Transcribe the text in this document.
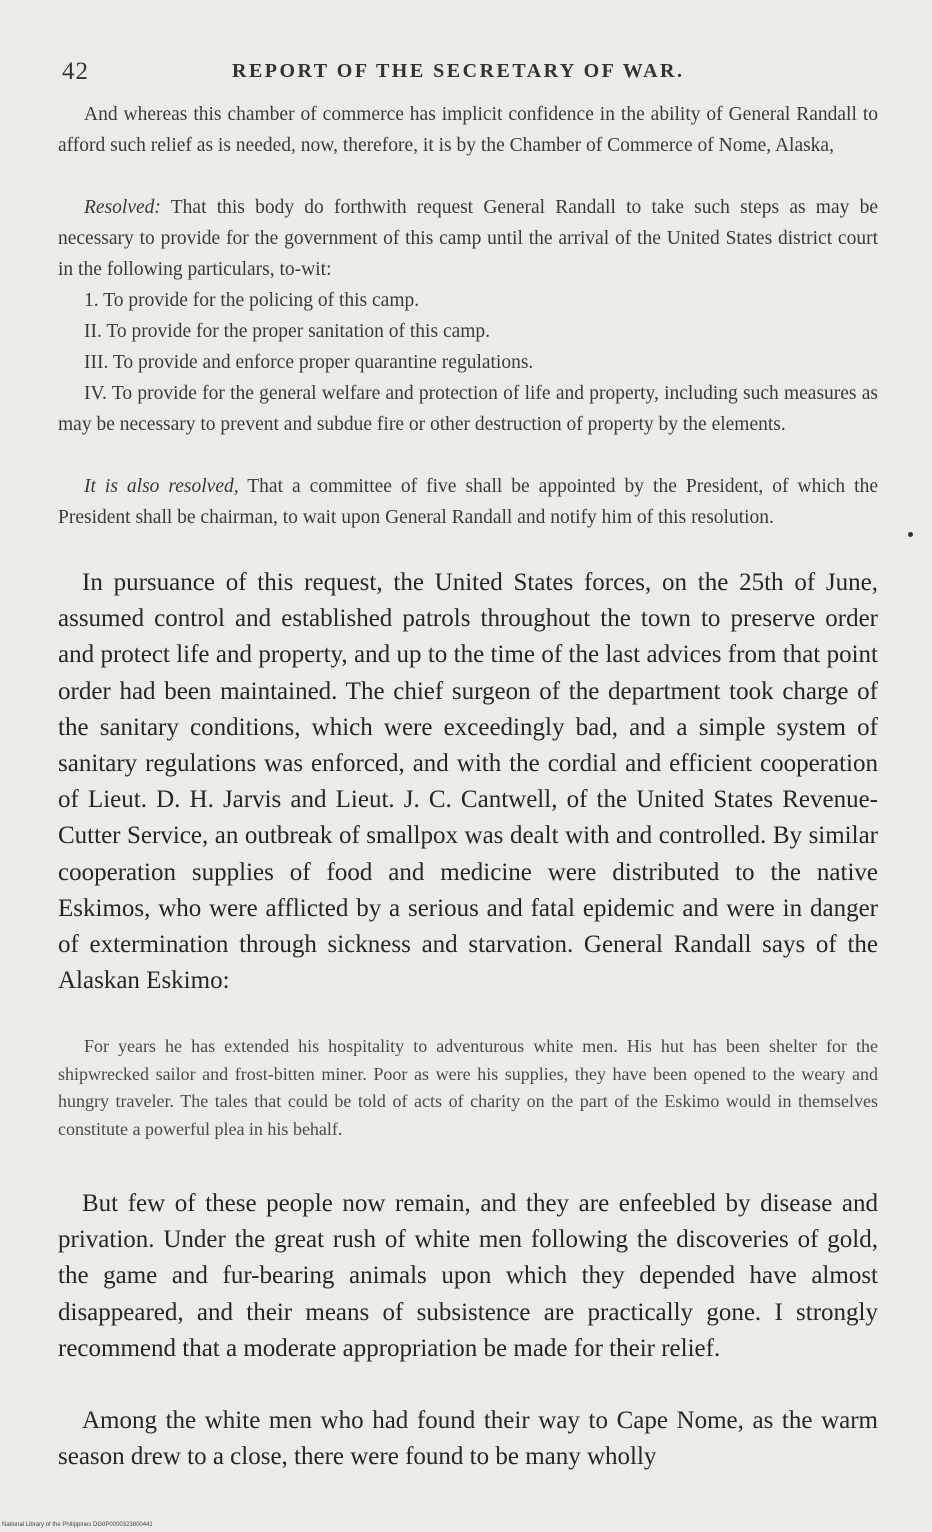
42	REPORT OF THE SECRETARY OF WAR.

And whereas this chamber of commerce has implicit confidence in the ability of General Randall to afford such relief as is needed, now, therefore, it is by the Chamber of Commerce of Nome, Alaska,

Resolved: That this body do forthwith request General Randall to take such steps as may be necessary to provide for the government of this camp until the arrival of the United States district court in the following particulars, to-wit:

1. To provide for the policing of this camp.

II. To provide for the proper sanitation of this camp.

III. To provide and enforce proper quarantine regulations.

IV. To provide for the general welfare and protection of life and property, including such measures as may be necessary to prevent and subdue fire or other destruction of property by the elements.

It is also resolved, That a committee of five shall be appointed by the President, of which the President shall be chairman, to wait upon General Randall and notify him of this resolution.

In pursuance of this request, the United States forces, on the 25th of June, assumed control and established patrols throughout the town to preserve order and protect life and property, and up to the time of the last advices from that point order had been maintained. The chief surgeon of the department took charge of the sanitary conditions, which were exceedingly bad, and a simple system of sanitary regulations was enforced, and with the cordial and efficient cooperation of Lieut. D. H. Jarvis and Lieut. J. C. Cantwell, of the United States Revenue-Cutter Service, an outbreak of smallpox was dealt with and controlled. By similar cooperation supplies of food and medicine were distributed to the native Eskimos, who were afflicted by a serious and fatal epidemic and were in danger of extermination through sickness and starvation. General Randall says of the Alaskan Eskimo:

For years he has extended his hospitality to adventurous white men. His hut has been shelter for the shipwrecked sailor and frost-bitten miner. Poor as were his supplies, they have been opened to the weary and hungry traveler. The tales that could be told of acts of charity on the part of the Eskimo would in themselves constitute a powerful plea in his behalf.

But few of these people now remain, and they are enfeebled by disease and privation. Under the great rush of white men following the discoveries of gold, the game and fur-bearing animals upon which they depended have almost disappeared, and their means of subsistence are practically gone. I strongly recommend that a moderate appropriation be made for their relief.

Among the white men who had found their way to Cape Nome, as the warm season drew to a close, there were found to be many wholly

National Library of the Philippines DG0P0000323800441
